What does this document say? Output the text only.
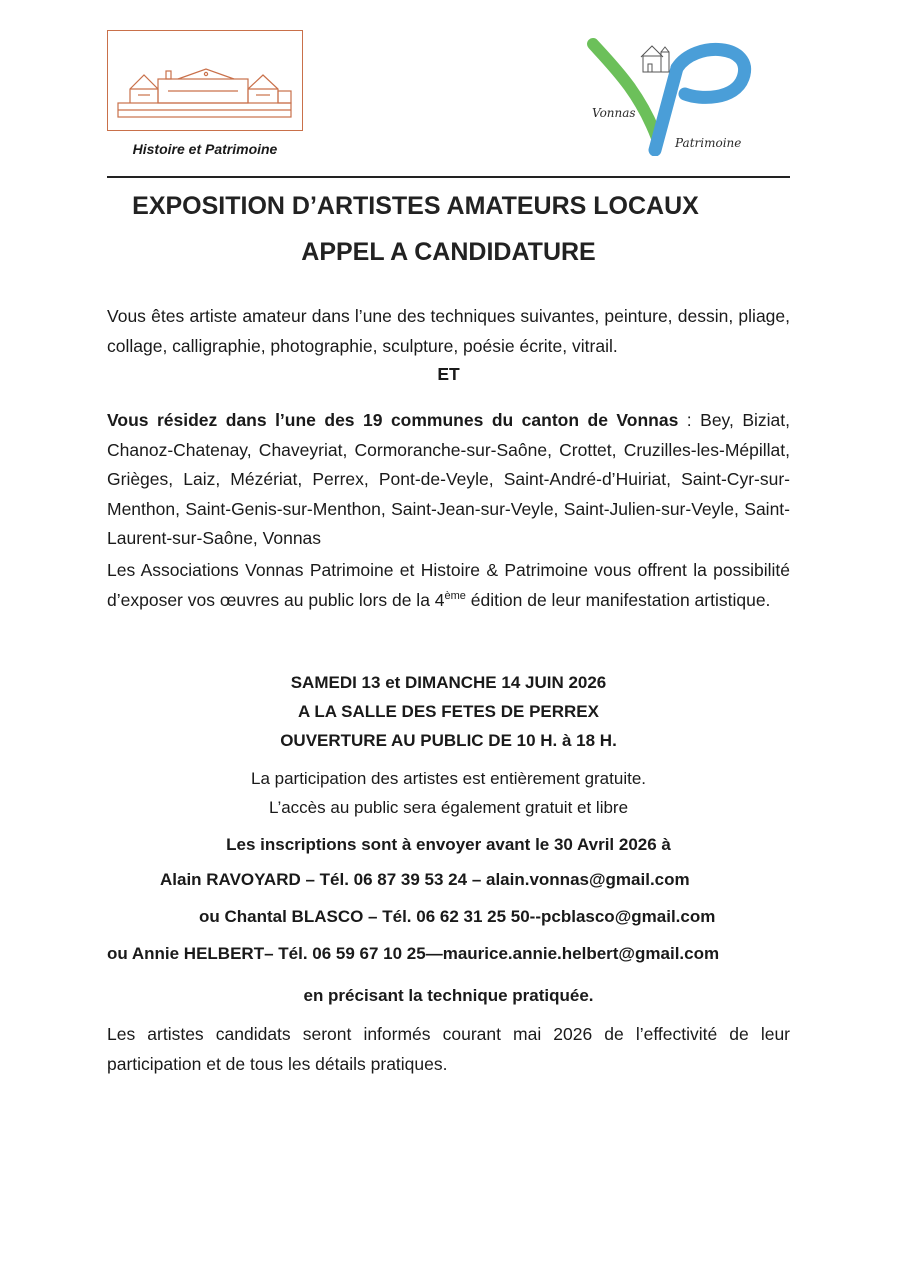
Histoire et Patrimoine
Vonnas
Patrimoine
EXPOSITION D’ARTISTES AMATEURS LOCAUX
APPEL A CANDIDATURE
Vous êtes artiste amateur dans l’une des techniques suivantes, peinture, dessin, pliage, collage, calligraphie, photographie, sculpture, poésie écrite, vitrail.
ET
Vous résidez dans l’une des 19 communes du canton de Vonnas : Bey, Biziat, Chanoz-Chatenay, Chaveyriat, Cormoranche-sur-Saône, Crottet, Cruzilles-les-Mépillat, Grièges, Laiz, Mézériat, Perrex, Pont-de-Veyle, Saint-André-d’Huiriat, Saint-Cyr-sur-Menthon, Saint-Genis-sur-Menthon, Saint-Jean-sur-Veyle, Saint-Julien-sur-Veyle, Saint-Laurent-sur-Saône, Vonnas
Les Associations Vonnas Patrimoine et Histoire & Patrimoine vous offrent la possibilité d’exposer vos œuvres au public lors de la 4ème édition de leur manifestation artistique.
SAMEDI 13 et DIMANCHE 14 JUIN 2026
A LA SALLE DES FETES DE PERREX
OUVERTURE AU PUBLIC DE 10 H. à 18 H.
La participation des artistes est entièrement gratuite.
L’accès au public sera également gratuit et libre
Les inscriptions sont à envoyer avant le 30 Avril 2026 à
Alain RAVOYARD – Tél. 06 87 39 53 24 – alain.vonnas@gmail.com
ou Chantal BLASCO – Tél. 06 62 31 25 50--pcblasco@gmail.com
ou Annie HELBERT– Tél. 06 59 67 10 25—maurice.annie.helbert@gmail.com
en précisant la technique pratiquée.
Les artistes candidats seront informés courant mai 2026 de l’effectivité de leur participation et de tous les détails pratiques.
